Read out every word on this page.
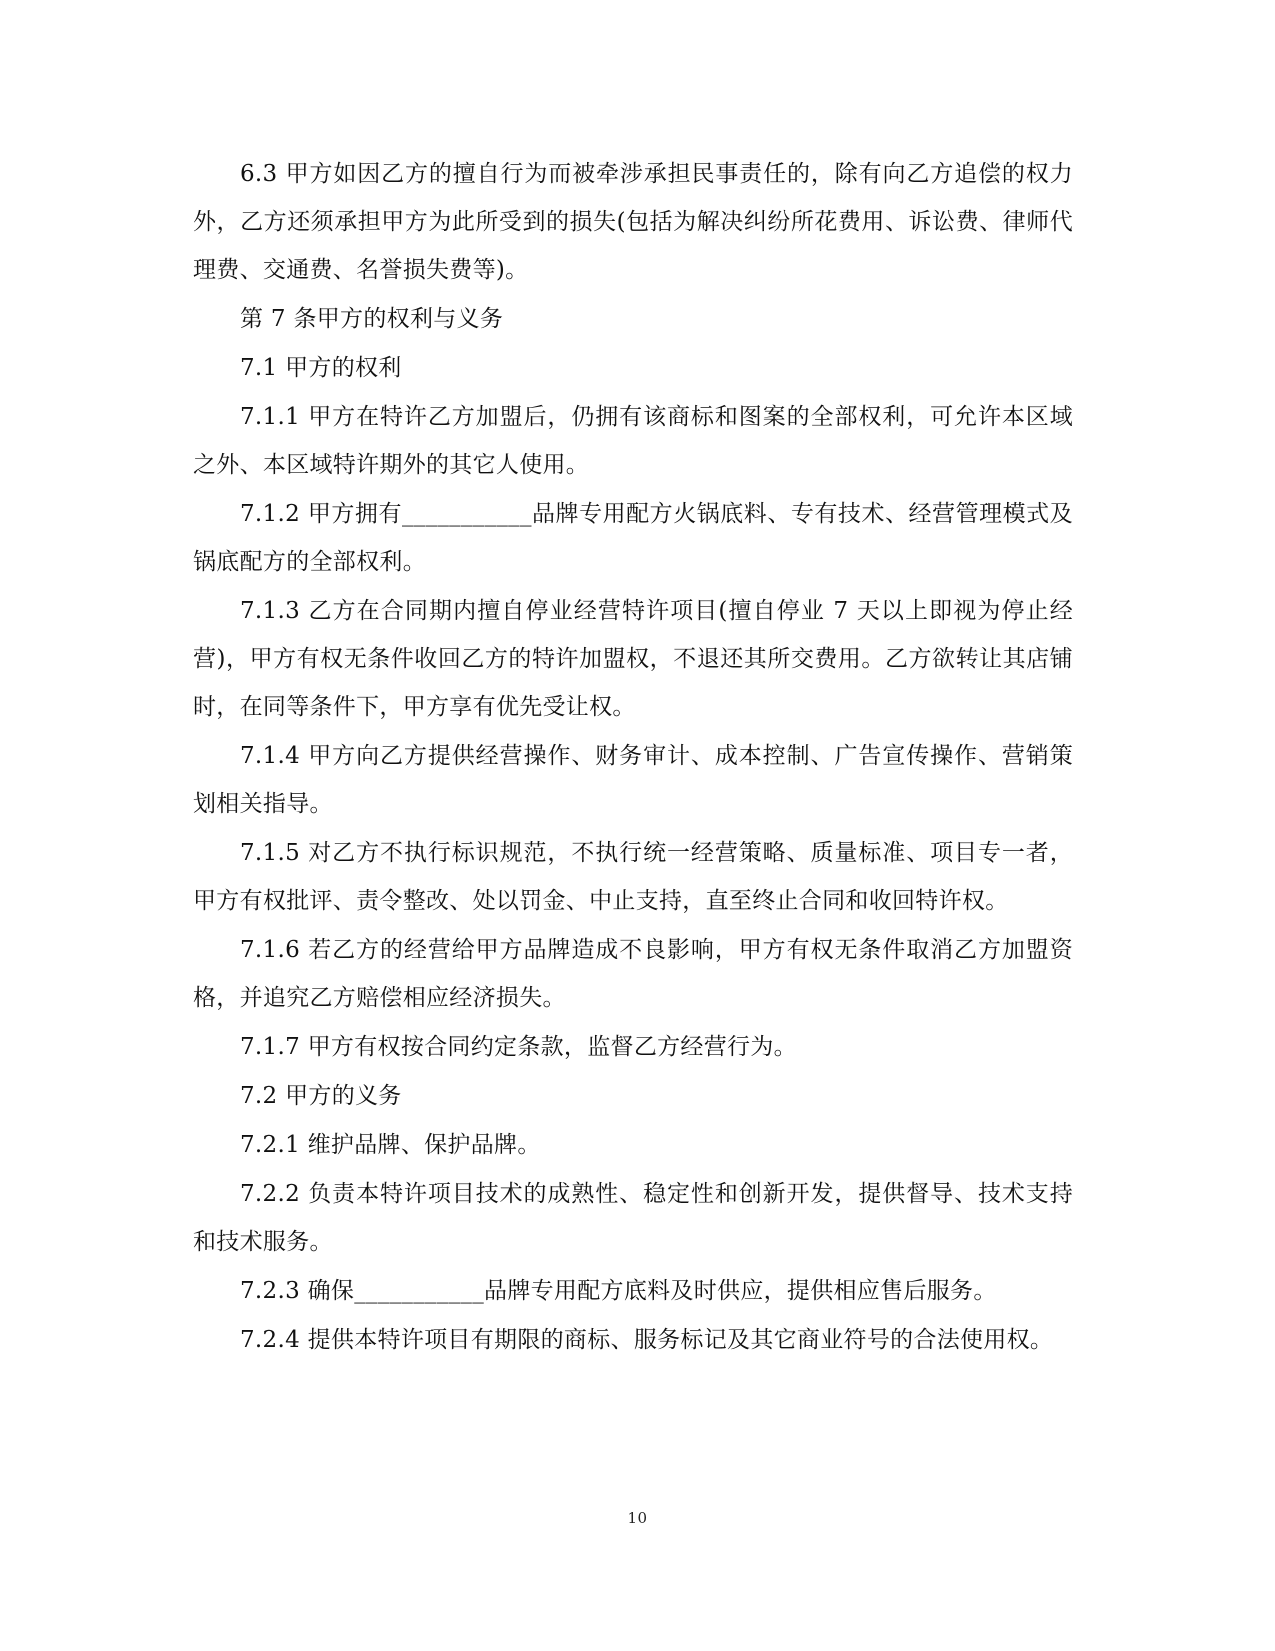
6.3 甲方如因乙方的擅自行为而被牵涉承担民事责任的，除有向乙方追偿的权力外，乙方还须承担甲方为此所受到的损失(包括为解决纠纷所花费用、诉讼费、律师代理费、交通费、名誉损失费等)。

第 7 条甲方的权利与义务

7.1 甲方的权利

7.1.1 甲方在特许乙方加盟后，仍拥有该商标和图案的全部权利，可允许本区域之外、本区域特许期外的其它人使用。

7.1.2 甲方拥有___________品牌专用配方火锅底料、专有技术、经营管理模式及锅底配方的全部权利。

7.1.3 乙方在合同期内擅自停业经营特许项目(擅自停业 7 天以上即视为停止经营)，甲方有权无条件收回乙方的特许加盟权，不退还其所交费用。乙方欲转让其店铺时，在同等条件下，甲方享有优先受让权。

7.1.4 甲方向乙方提供经营操作、财务审计、成本控制、广告宣传操作、营销策划相关指导。

7.1.5 对乙方不执行标识规范，不执行统一经营策略、质量标准、项目专一者，甲方有权批评、责令整改、处以罚金、中止支持，直至终止合同和收回特许权。

7.1.6 若乙方的经营给甲方品牌造成不良影响，甲方有权无条件取消乙方加盟资格，并追究乙方赔偿相应经济损失。

7.1.7 甲方有权按合同约定条款，监督乙方经营行为。

7.2 甲方的义务

7.2.1 维护品牌、保护品牌。

7.2.2 负责本特许项目技术的成熟性、稳定性和创新开发，提供督导、技术支持和技术服务。

7.2.3 确保___________品牌专用配方底料及时供应，提供相应售后服务。

7.2.4 提供本特许项目有期限的商标、服务标记及其它商业符号的合法使用权。

10
